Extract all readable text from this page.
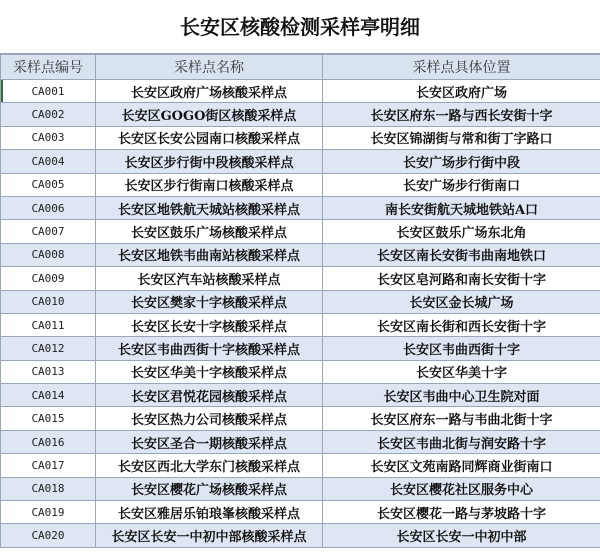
长安区核酸检测采样亭明细
采样点编号	采样点名称	采样点具体位置
CA001	长安区政府广场核酸采样点	长安区政府广场
CA002	长安区GOGO街区核酸采样点	长安区府东一路与西长安街十字
CA003	长安区长安公园南口核酸采样点	长安区锦湖街与常和街丁字路口
CA004	长安区步行街中段核酸采样点	长安广场步行街中段
CA005	长安区步行街南口核酸采样点	长安广场步行街南口
CA006	长安区地铁航天城站核酸采样点	南长安街航天城地铁站A口
CA007	长安区鼓乐广场核酸采样点	长安区鼓乐广场东北角
CA008	长安区地铁韦曲南站核酸采样点	长安区南长安街韦曲南地铁口
CA009	长安区汽车站核酸采样点	长安区皂河路和南长安街十字
CA010	长安区樊家十字核酸采样点	长安区金长城广场
CA011	长安区长安十字核酸采样点	长安区南长街和西长安街十字
CA012	长安区韦曲西街十字核酸采样点	长安区韦曲西街十字
CA013	长安区华美十字核酸采样点	长安区华美十字
CA014	长安区君悦花园核酸采样点	长安区韦曲中心卫生院对面
CA015	长安区热力公司核酸采样点	长安区府东一路与韦曲北街十字
CA016	长安区圣合一期核酸采样点	长安区韦曲北街与润安路十字
CA017	长安区西北大学东门核酸采样点	长安区文苑南路同辉商业街南口
CA018	长安区樱花广场核酸采样点	长安区樱花社区服务中心
CA019	长安区雅居乐铂琅峯核酸采样点	长安区樱花一路与茅坡路十字
CA020	长安区长安一中初中部核酸采样点	长安区长安一中初中部
